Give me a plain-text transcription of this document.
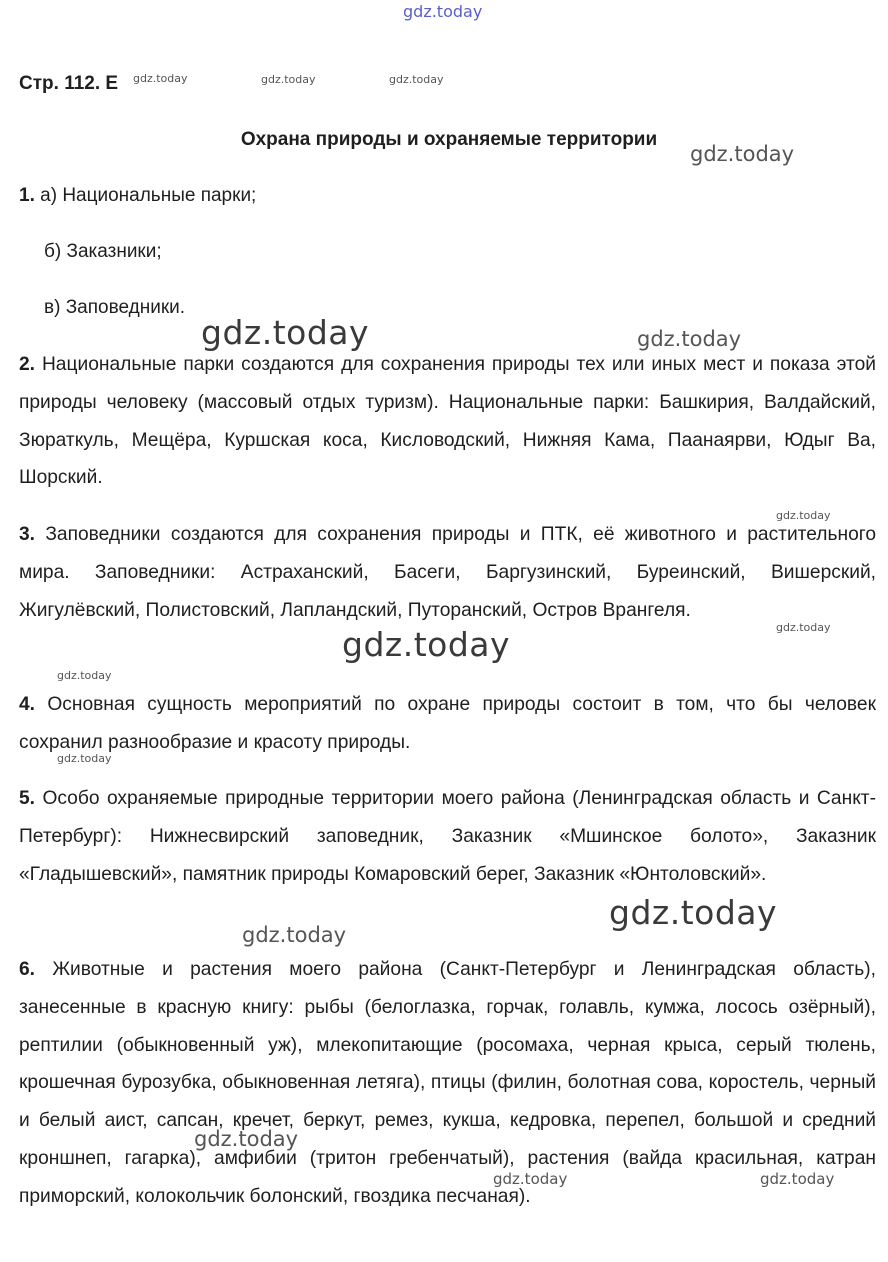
Стр. 112. E
Охрана природы и охраняемые территории
1. а) Национальные парки;
б) Заказники;
в) Заповедники.
2. Национальные парки создаются для сохранения природы тех или иных мест и показа этой природы человеку (массовый отдых туризм). Национальные парки: Башкирия, Валдайский, Зюраткуль, Мещёра, Куршская коса, Кисловодский, Нижняя Кама, Паанаярви, Юдыг Ва, Шорский.
3. Заповедники создаются для сохранения природы и ПТК, её животного и растительного мира. Заповедники: Астраханский, Басеги, Баргузинский, Буреинский, Вишерский, Жигулёвский, Полистовский, Лапландский, Путоранский, Остров Врангеля.
4. Основная сущность мероприятий по охране природы состоит в том, что бы человек сохранил разнообразие и красоту природы.
5. Особо охраняемые природные территории моего района (Ленинградская область и Санкт-Петербург): Нижнесвирский заповедник, Заказник «Мшинское болото», Заказник «Гладышевский», памятник природы Комаровский берег, Заказник «Юнтоловский».
6. Животные и растения моего района (Санкт-Петербург и Ленинградская область), занесенные в красную книгу: рыбы (белоглазка, горчак, голавль, кумжа, лосось озёрный), рептилии (обыкновенный уж), млекопитающие (росомаха, черная крыса, серый тюлень, крошечная бурозубка, обыкновенная летяга), птицы (филин, болотная сова, коростель, черный и белый аист, сапсан, кречет, беркут, ремез, кукша, кедровка, перепел, большой и средний кроншнеп, гагарка), амфибии (тритон гребенчатый), растения (вайда красильная, катран приморский, колокольчик болонский, гвоздика песчаная).
gdz.today
gdz.today	gdz.today	gdz.today
gdz.today
gdz.today	gdz.today
gdz.today
gdz.today
gdz.today
gdz.today
gdz.today
gdz.today
gdz.today
gdz.today
gdz.today	gdz.today
